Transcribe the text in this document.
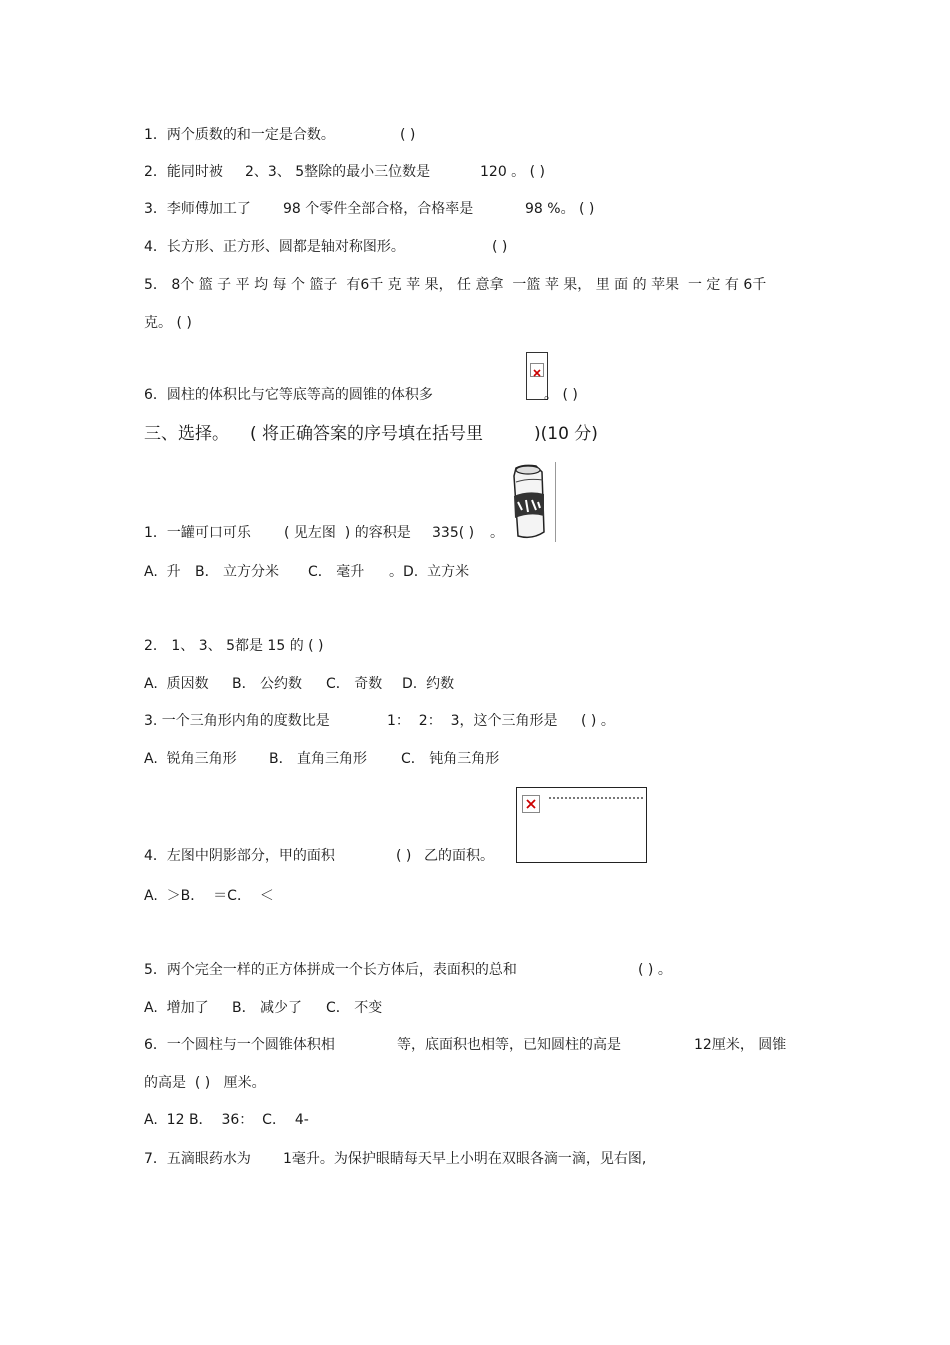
1．两个质数的和一定是合数。

	( )

2．能同时被

2、3、 5整除的最小三位数是

	120 。 ( )

3．李师傅加工了

98 个零件全部合格，合格率是

	98 %。 ( )

4．长方形、正方形、圆都是轴对称图形。

	( )

5． 8个 篮 子 平 均 每 个 篮子  有6千 克 苹 果， 任 意拿  一篮 苹 果， 里 面 的 苹果  一 定 有 6千

克。 ( )

6．圆柱的体积比与它等底等高的圆锥的体积多

	。 ( )

三、选择。

( 将正确答案的序号填在括号里

	)(10 分)

1．一罐可口可乐

( 见左图  ) 的容积是

335( )

。

A.  升

B． 立方分米

C． 毫升

。D.  立方米

2． 1、 3、 5都是 15 的 ( )

A.  质因数

B． 公约数

C． 奇数

D.  约数

3. 一个三角形内角的度数比是

	1：  2：  3，这个三角形是

( ) 。

A.  锐角三角形

B． 直角三角形

C． 钝角三角形

4．左图中阴影部分，甲的面积

	( )

乙的面积。

A.  ＞B．  ＝C．  ＜

5．两个完全一样的正方体拼成一个长方体后，表面积的总和

	( ) 。

A.  增加了

B． 减少了

C． 不变

6．一个圆柱与一个圆锥体积相

	等，底面积也相等，已知圆柱的高是

	12厘米， 圆锥

的高是  ( )   厘米。

A.  12 B．  36：  C．  4-

7．五滴眼药水为

1毫升。为保护眼睛每天早上小明在双眼各滴一滴，见右图,
